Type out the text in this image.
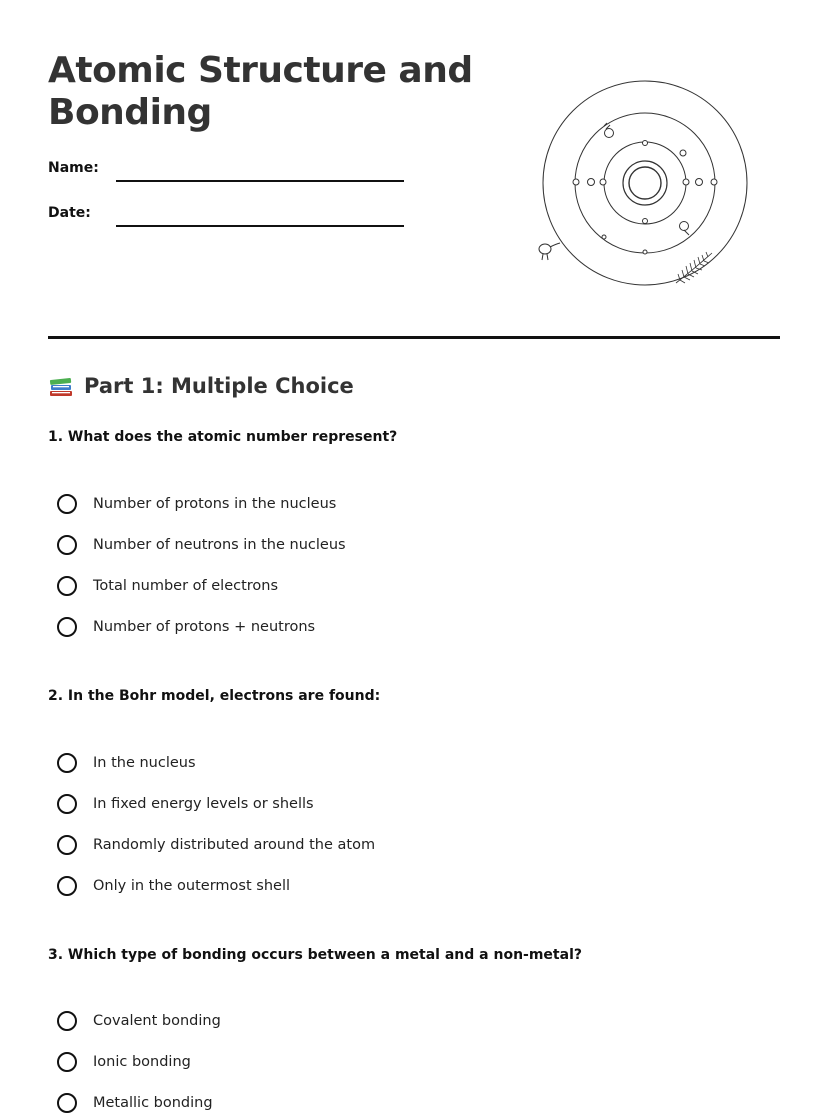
Atomic Structure and
Bonding
Name:
Date:
Part 1: Multiple Choice

1. What does the atomic number represent?

Number of protons in the nucleus
Number of neutrons in the nucleus
Total number of electrons
Number of protons + neutrons

2. In the Bohr model, electrons are found:

In the nucleus
In fixed energy levels or shells
Randomly distributed around the atom
Only in the outermost shell

3. Which type of bonding occurs between a metal and a non-metal?

Covalent bonding
Ionic bonding
Metallic bonding
